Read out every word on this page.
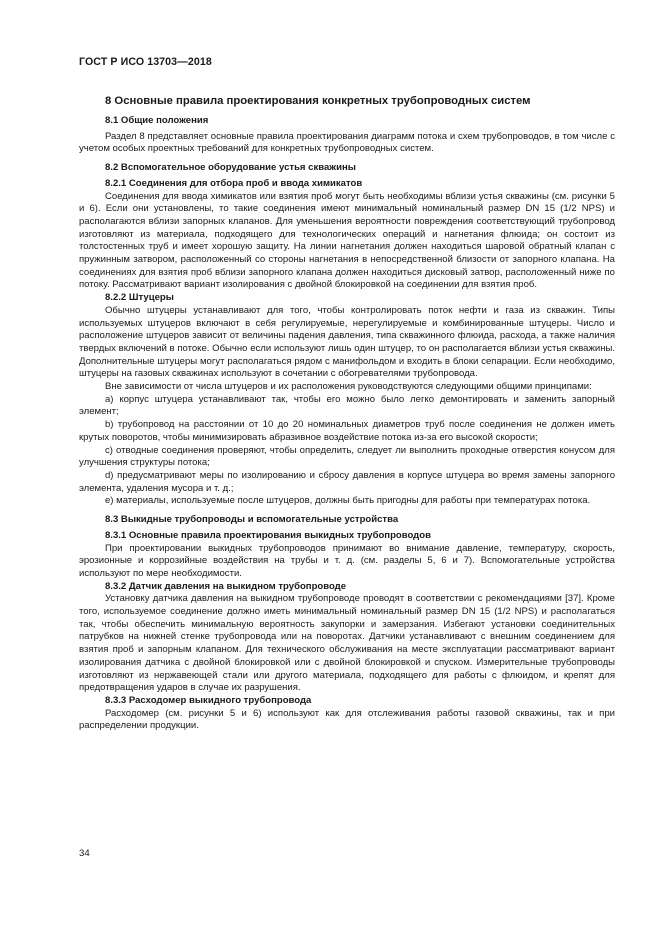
ГОСТ Р ИСО 13703—2018
8 Основные правила проектирования конкретных трубопроводных систем
8.1 Общие положения

Раздел 8 представляет основные правила проектирования диаграмм потока и схем трубопроводов, в том числе с учетом особых проектных требований для конкретных трубопроводных систем.

8.2 Вспомогательное оборудование устья скважины
8.2.1 Соединения для отбора проб и ввода химикатов

Соединения для ввода химикатов или взятия проб могут быть необходимы вблизи устья скважины (см. рисунки 5 и 6). Если они установлены, то такие соединения имеют минимальный номинальный размер DN 15 (1/2 NPS) и располагаются вблизи запорных клапанов. Для уменьшения вероятности повреждения соответствующий трубопровод изготовляют из материала, подходящего для технологических операций и нагнетания флюида; он состоит из толстостенных труб и имеет хорошую защиту. На линии нагнетания должен находиться шаровой обратный клапан с пружинным затвором, расположенный со стороны нагнетания в непосредственной близости от запорного клапана. На соединениях для взятия проб вблизи запорного клапана должен находиться дисковый затвор, расположенный ниже по потоку. Рассматривают вариант изолирования с двойной блокировкой на соединении для взятия проб.

8.2.2 Штуцеры

Обычно штуцеры устанавливают для того, чтобы контролировать поток нефти и газа из скважин. Типы используемых штуцеров включают в себя регулируемые, нерегулируемые и комбинированные штуцеры. Число и расположение штуцеров зависит от величины падения давления, типа скважинного флюида, расхода, а также наличия твердых включений в потоке. Обычно если используют лишь один штуцер, то он располагается вблизи устья скважины. Дополнительные штуцеры могут располагаться рядом с манифольдом и входить в блоки сепарации. Если необходимо, штуцеры на газовых скважинах используют в сочетании с обогревателями трубопровода.

Вне зависимости от числа штуцеров и их расположения руководствуются следующими общими принципами:

a) корпус штуцера устанавливают так, чтобы его можно было легко демонтировать и заменить запорный элемент;

b) трубопровод на расстоянии от 10 до 20 номинальных диаметров труб после соединения не должен иметь крутых поворотов, чтобы минимизировать абразивное воздействие потока из-за его высокой скорости;

c) отводные соединения проверяют, чтобы определить, следует ли выполнить проходные отверстия конусом для улучшения структуры потока;

d) предусматривают меры по изолированию и сбросу давления в корпусе штуцера во время замены запорного элемента, удаления мусора и т. д.;

e) материалы, используемые после штуцеров, должны быть пригодны для работы при температурах потока.

8.3 Выкидные трубопроводы и вспомогательные устройства
8.3.1 Основные правила проектирования выкидных трубопроводов

При проектировании выкидных трубопроводов принимают во внимание давление, температуру, скорость, эрозионные и коррозийные воздействия на трубы и т. д. (см. разделы 5, 6 и 7). Вспомогательные устройства используют по мере необходимости.

8.3.2 Датчик давления на выкидном трубопроводе

Установку датчика давления на выкидном трубопроводе проводят в соответствии с рекомендациями [37]. Кроме того, используемое соединение должно иметь минимальный номинальный размер DN 15 (1/2 NPS) и располагаться так, чтобы обеспечить минимальную вероятность закупорки и замерзания. Избегают установки соединительных патрубков на нижней стенке трубопровода или на поворотах. Датчики устанавливают с внешним соединением для взятия проб и запорным клапаном. Для технического обслуживания на месте эксплуатации рассматривают вариант изолирования датчика с двойной блокировкой или с двойной блокировкой и спуском. Измерительные трубопроводы изготовляют из нержавеющей стали или другого материала, подходящего для работы с флюидом, и крепят для предотвращения ударов в случае их разрушения.

8.3.3 Расходомер выкидного трубопровода

Расходомер (см. рисунки 5 и 6) используют как для отслеживания работы газовой скважины, так и при распределении продукции.

34
